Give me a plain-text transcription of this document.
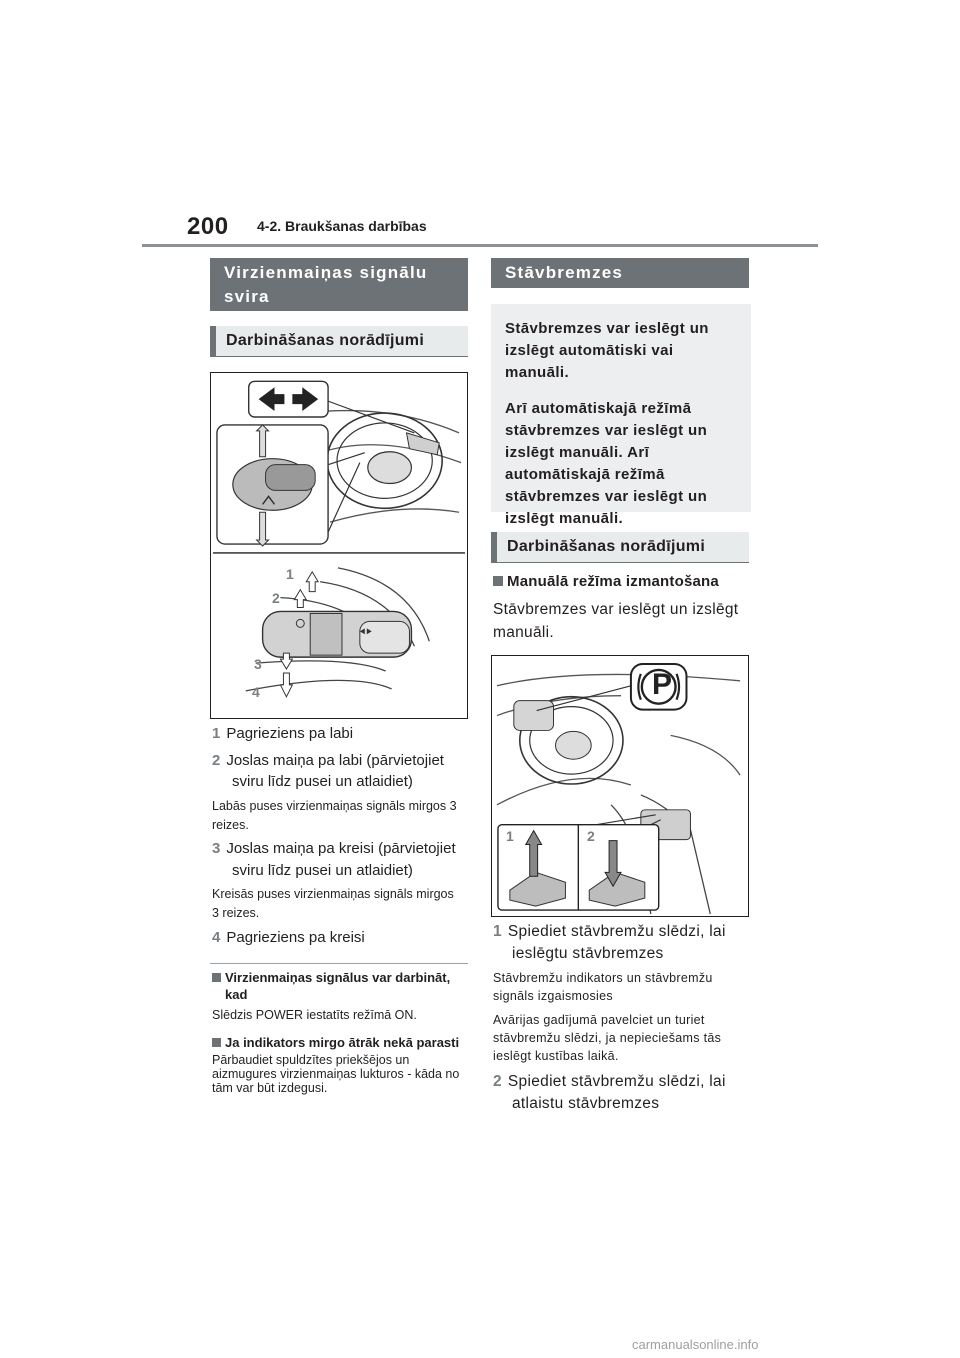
200 4-2. Braukšanas darbības
Virzienmaiņas signālu
svira
Darbināšanas norādījumi
1
2
3
4
1 Pagrieziens pa labi
2 Joslas maiņa pa labi (pārvietojiet
sviru līdz pusei un atlaidiet)
Labās puses virzienmaiņas signāls mirgos 3
reizes.
3 Joslas maiņa pa kreisi (pārvietojiet
sviru līdz pusei un atlaidiet)
Kreisās puses virzienmaiņas signāls mirgos
3 reizes.
4 Pagrieziens pa kreisi
Virzienmaiņas signālus var darbināt,
kad
Slēdzis POWER iestatīts režīmā ON.
Ja indikators mirgo ātrāk nekā parasti
Pārbaudiet spuldzītes priekšējos un
aizmugures virzienmaiņas lukturos - kāda no
tām var būt izdegusi.
Stāvbremzes

Stāvbremzes var ieslēgt un
izslēgt automātiski vai
manuāli.

Arī automātiskajā režīmā
stāvbremzes var ieslēgt un
izslēgt manuāli. Arī
automātiskajā režīmā
stāvbremzes var ieslēgt un
izslēgt manuāli.

Darbināšanas norādījumi
Manuālā režīma izmantošana
Stāvbremzes var ieslēgt un izslēgt
manuāli.
1	2
P
1 Spiediet stāvbremžu slēdzi, lai
ieslēgtu stāvbremzes
Stāvbremžu indikators un stāvbremžu
signāls izgaismosies
Avārijas gadījumā pavelciet un turiet
stāvbremžu slēdzi, ja nepieciešams tās
ieslēgt kustības laikā.
2 Spiediet stāvbremžu slēdzi, lai
atlaistu stāvbremzes
carmanualsonline.info
